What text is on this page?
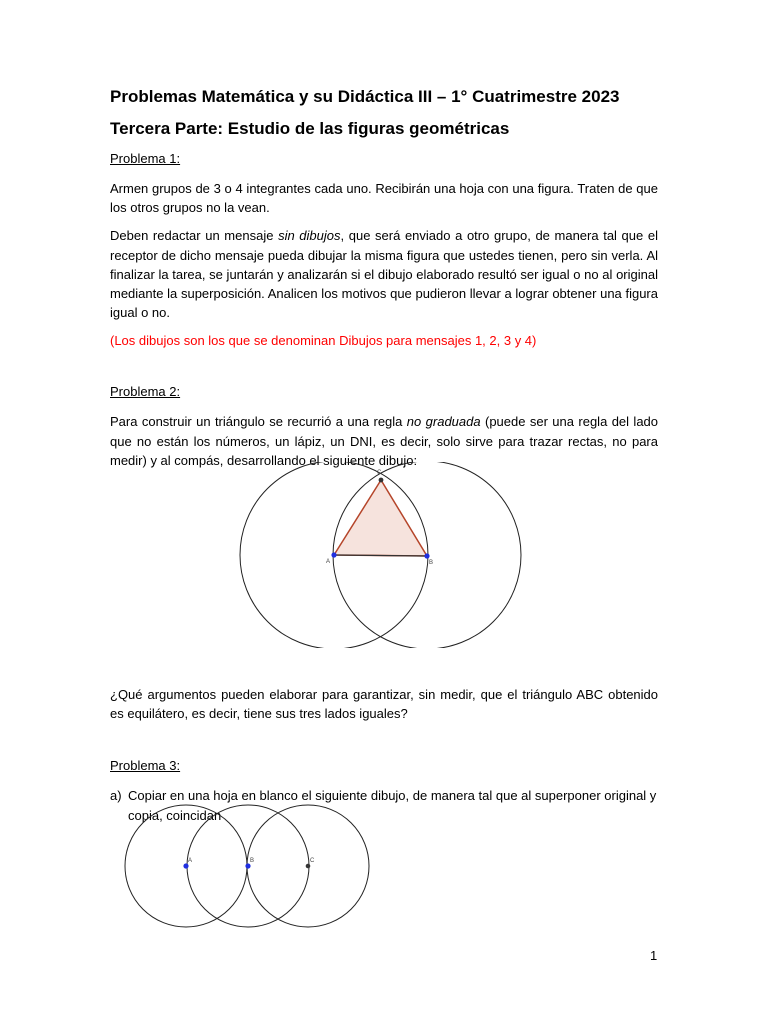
Problemas Matemática y su Didáctica III – 1° Cuatrimestre 2023
Tercera Parte: Estudio de las figuras geométricas
Problema 1:

Armen grupos de 3 o 4 integrantes cada uno. Recibirán una hoja con una figura. Traten de que los otros grupos no la vean.

Deben redactar un mensaje sin dibujos, que será enviado a otro grupo, de manera tal que el receptor de dicho mensaje pueda dibujar la misma figura que ustedes tienen, pero sin verla. Al finalizar la tarea, se juntarán y analizarán si el dibujo elaborado resultó ser igual o no al original mediante la superposición. Analicen los motivos que pudieron llevar a lograr obtener una figura igual o no.

(Los dibujos son los que se denominan Dibujos para mensajes 1, 2, 3 y 4)

Problema 2:

Para construir un triángulo se recurrió a una regla no graduada (puede ser una regla del lado que no están los números, un lápiz, un DNI, es decir, solo sirve para trazar rectas, no para medir) y al compás, desarrollando el siguiente dibujo:

¿Qué argumentos pueden elaborar para garantizar, sin medir, que el triángulo ABC obtenido es equilátero, es decir, tiene sus tres lados iguales?

Problema 3:
a) Copiar en una hoja en blanco el siguiente dibujo, de manera tal que al superponer original y copia, coincidan
A	B
C
A	B	C
1
